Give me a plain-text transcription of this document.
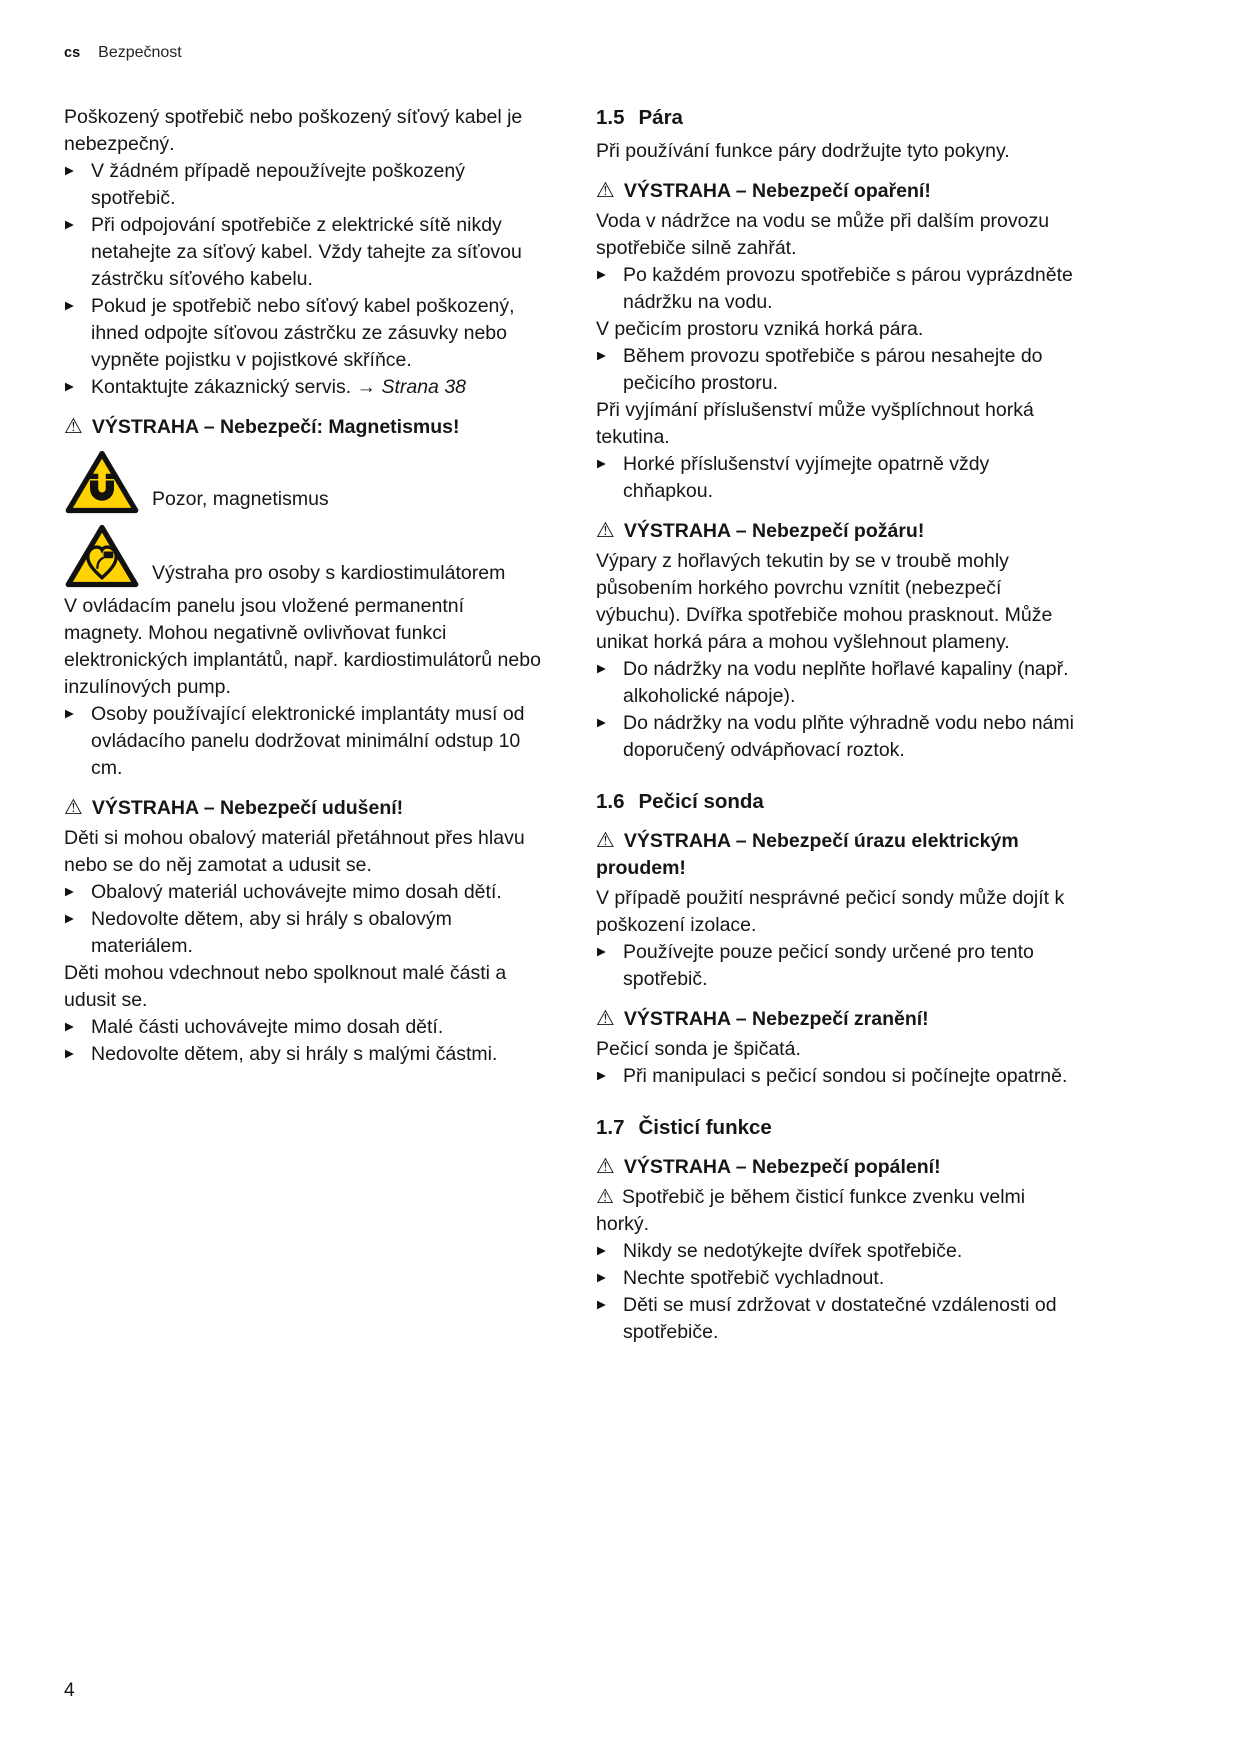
cs Bezpečnost

Poškozený spotřebič nebo poškozený síťový kabel je nebezpečný.

▶ V žádném případě nepoužívejte poškozený spotřebič.
▶ Při odpojování spotřebiče z elektrické sítě nikdy netahejte za síťový kabel. Vždy tahejte za síťovou zástrčku síťového kabelu.
▶ Pokud je spotřebič nebo síťový kabel poškozený, ihned odpojte síťovou zástrčku ze zásuvky nebo vypněte pojistku v pojistkové skříňce.
▶ Kontaktujte zákaznický servis. → Strana 38
⚠ VÝSTRAHA – Nebezpečí: Magnetismus!
Pozor, magnetismus
Výstraha pro osoby s kardiostimulátorem

V ovládacím panelu jsou vložené permanentní magnety. Mohou negativně ovlivňovat funkci elektronických implantátů, např. kardiostimulátorů nebo inzulínových pump.

▶ Osoby používající elektronické implantáty musí od ovládacího panelu dodržovat minimální odstup 10 cm.
⚠ VÝSTRAHA – Nebezpečí udušení!

Děti si mohou obalový materiál přetáhnout přes hlavu nebo se do něj zamotat a udusit se.

▶ Obalový materiál uchovávejte mimo dosah dětí.
▶ Nedovolte dětem, aby si hrály s obalovým materiálem.

Děti mohou vdechnout nebo spolknout malé části a udusit se.

▶ Malé části uchovávejte mimo dosah dětí.
▶ Nedovolte dětem, aby si hrály s malými částmi.
1.5 Pára

Při používání funkce páry dodržujte tyto pokyny.

⚠ VÝSTRAHA – Nebezpečí opaření!

Voda v nádržce na vodu se může při dalším provozu spotřebiče silně zahřát.

▶ Po každém provozu spotřebiče s párou vyprázdněte nádržku na vodu.

V pečicím prostoru vzniká horká pára.

▶ Během provozu spotřebiče s párou nesahejte do pečicího prostoru.

Při vyjímání příslušenství může vyšplíchnout horká tekutina.

▶ Horké příslušenství vyjímejte opatrně vždy chňapkou.
⚠ VÝSTRAHA – Nebezpečí požáru!

Výpary z hořlavých tekutin by se v troubě mohly působením horkého povrchu vznítit (nebezpečí výbuchu). Dvířka spotřebiče mohou prasknout. Může unikat horká pára a mohou vyšlehnout plameny.

▶ Do nádržky na vodu neplňte hořlavé kapaliny (např. alkoholické nápoje).
▶ Do nádržky na vodu plňte výhradně vodu nebo námi doporučený odvápňovací roztok.
1.6 Pečicí sonda
⚠ VÝSTRAHA – Nebezpečí úrazu elektrickým proudem!

V případě použití nesprávné pečicí sondy může dojít k poškození izolace.

▶ Používejte pouze pečicí sondy určené pro tento spotřebič.
⚠ VÝSTRAHA – Nebezpečí zranění!

Pečicí sonda je špičatá.

▶ Při manipulaci s pečicí sondou si počínejte opatrně.
1.7 Čisticí funkce
⚠ VÝSTRAHA – Nebezpečí popálení!

⚠ Spotřebič je během čisticí funkce zvenku velmi horký.

▶ Nikdy se nedotýkejte dvířek spotřebiče.
▶ Nechte spotřebič vychladnout.
▶ Děti se musí zdržovat v dostatečné vzdálenosti od spotřebiče.
4
